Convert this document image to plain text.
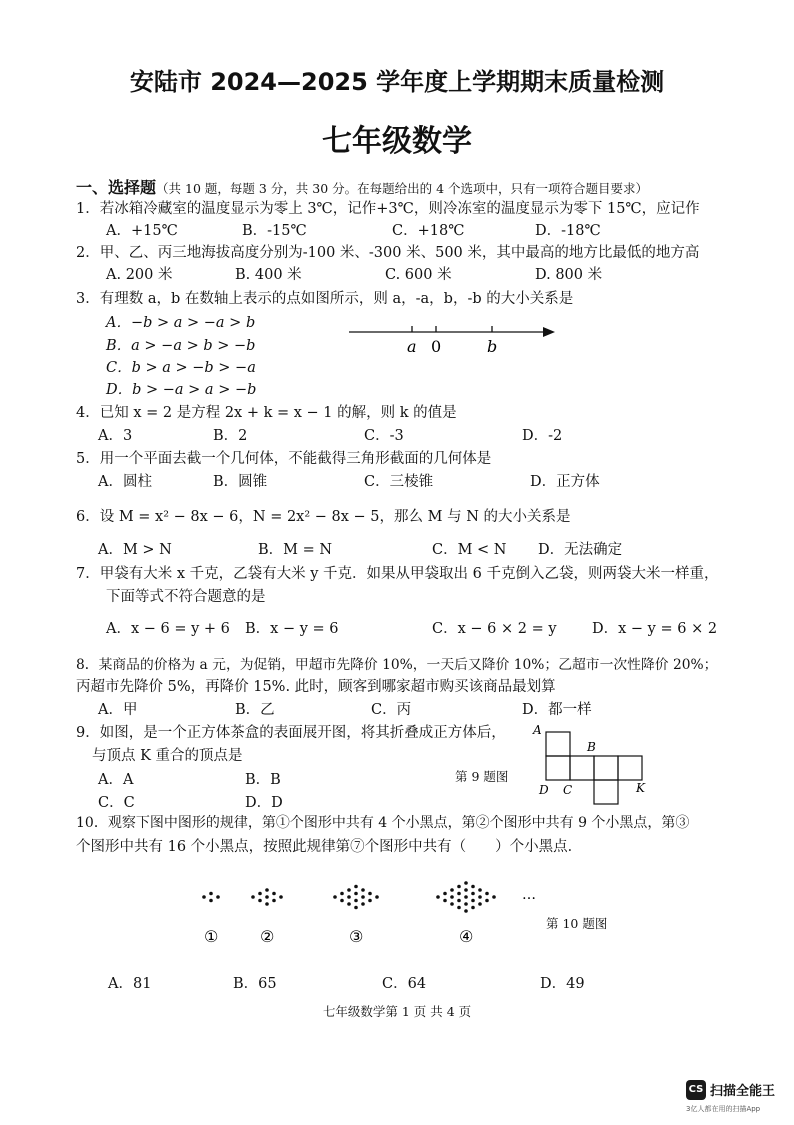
安陆市 2024—2025 学年度上学期期末质量检测
七年级数学
一、选择题（共 10 题，每题 3 分，共 30 分。在每题给出的 4 个选项中，只有一项符合题目要求）
1．若冰箱冷藏室的温度显示为零上 3℃，记作+3℃，则冷冻室的温度显示为零下 15℃，应记作
A．+15℃	B．-15℃	C．+18℃	D．-18℃
2．甲、乙、丙三地海拔高度分别为-100 米、-300 米、500 米，其中最高的地方比最低的地方高
A. 200 米	B. 400 米	C. 600 米	D. 800 米
3．有理数 a，b 在数轴上表示的点如图所示，则 a，-a，b，-b 的大小关系是
A．−b > a > −a > b
B．a > −a > b > −b
C．b > a > −b > −a
D．b > −a > a > −b
a 0	b
4．已知 x = 2 是方程 2x + k = x − 1 的解，则 k 的值是
A．3	B．2	C．-3	D．-2
5．用一个平面去截一个几何体，不能截得三角形截面的几何体是
A．圆柱	B．圆锥	C．三棱锥	D．正方体
6．设 M = x² − 8x − 6，N = 2x² − 8x − 5，那么 M 与 N 的大小关系是
A．M > N	B．M = N	C．M < N D．无法确定
7．甲袋有大米 x 千克，乙袋有大米 y 千克．如果从甲袋取出 6 千克倒入乙袋，则两袋大米一样重，
下面等式不符合题意的是
A．x − 6 = y + 6 B．x − y = 6	C．x − 6 × 2 = y D．x − y = 6 × 2
8．某商品的价格为 a 元，为促销，甲超市先降价 10%，一天后又降价 10%；乙超市一次性降价 20%；
丙超市先降价 5%，再降价 15%. 此时，顾客到哪家超市购买该商品最划算
A．甲	B．乙	C．丙	D．都一样
9．如图，是一个正方体茶盒的表面展开图，将其折叠成正方体后，
与顶点 K 重合的顶点是
A．A	B．B
C．C	D．D
第 9 题图
A
B
D C	K
10．观察下图中图形的规律，第①个图形中共有 4 个小黑点，第②个图形中共有 9 个小黑点，第③
个图形中共有 16 个小黑点，按照此规律第⑦个图形中共有（　　）个小黑点．
…
①	②	③	④
第 10 题图
A．81	B．65	C．64	D．49
七年级数学第 1 页 共 4 页
CS 扫描全能王
3亿人都在用的扫描App
